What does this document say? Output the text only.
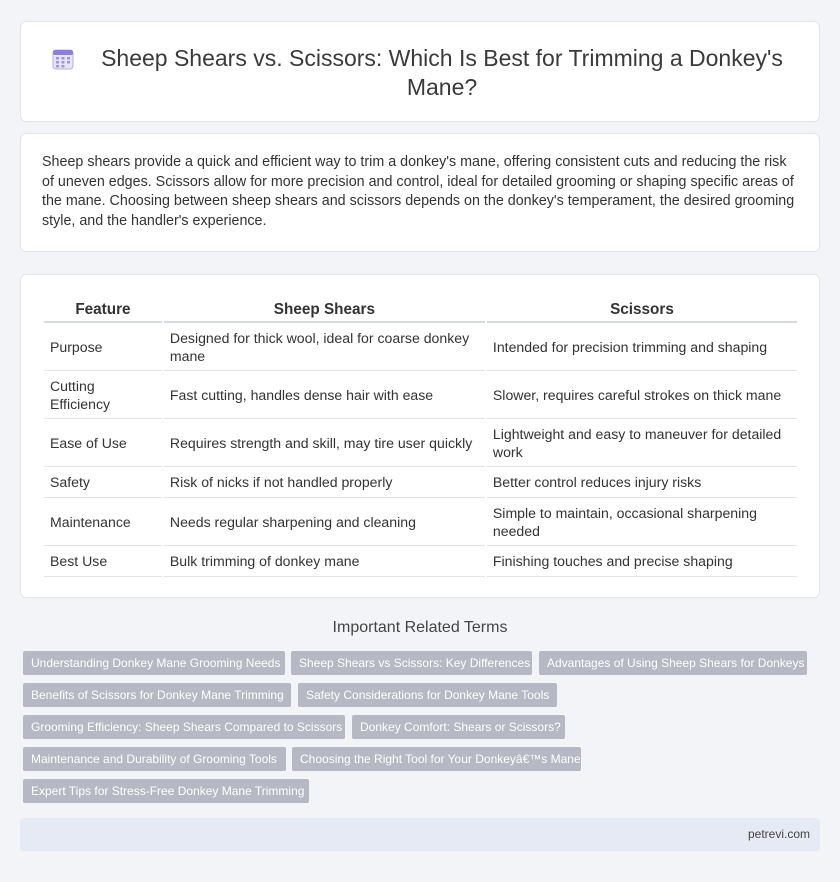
Sheep Shears vs. Scissors: Which Is Best for Trimming a Donkey's Mane?

Sheep shears provide a quick and efficient way to trim a donkey's mane, offering consistent cuts and reducing the risk of uneven edges. Scissors allow for more precision and control, ideal for detailed grooming or shaping specific areas of the mane. Choosing between sheep shears and scissors depends on the donkey's temperament, the desired grooming style, and the handler's experience.

Feature	Sheep Shears	Scissors
Purpose	Designed for thick wool, ideal for coarse donkey mane	Intended for precision trimming and shaping
Cutting Efficiency	Fast cutting, handles dense hair with ease	Slower, requires careful strokes on thick mane
Ease of Use	Requires strength and skill, may tire user quickly	Lightweight and easy to maneuver for detailed work
Safety	Risk of nicks if not handled properly	Better control reduces injury risks
Maintenance	Needs regular sharpening and cleaning	Simple to maintain, occasional sharpening needed
Best Use	Bulk trimming of donkey mane	Finishing touches and precise shaping
Important Related Terms
Understanding Donkey Mane Grooming Needs	Sheep Shears vs Scissors: Key Differences	Advantages of Using Sheep Shears for Donkeys
Benefits of Scissors for Donkey Mane Trimming	Safety Considerations for Donkey Mane Tools
Grooming Efficiency: Sheep Shears Compared to Scissors	Donkey Comfort: Shears or Scissors?
Maintenance and Durability of Grooming Tools	Choosing the Right Tool for Your Donkeyâ€™s Mane
Expert Tips for Stress-Free Donkey Mane Trimming
petrevi.com
